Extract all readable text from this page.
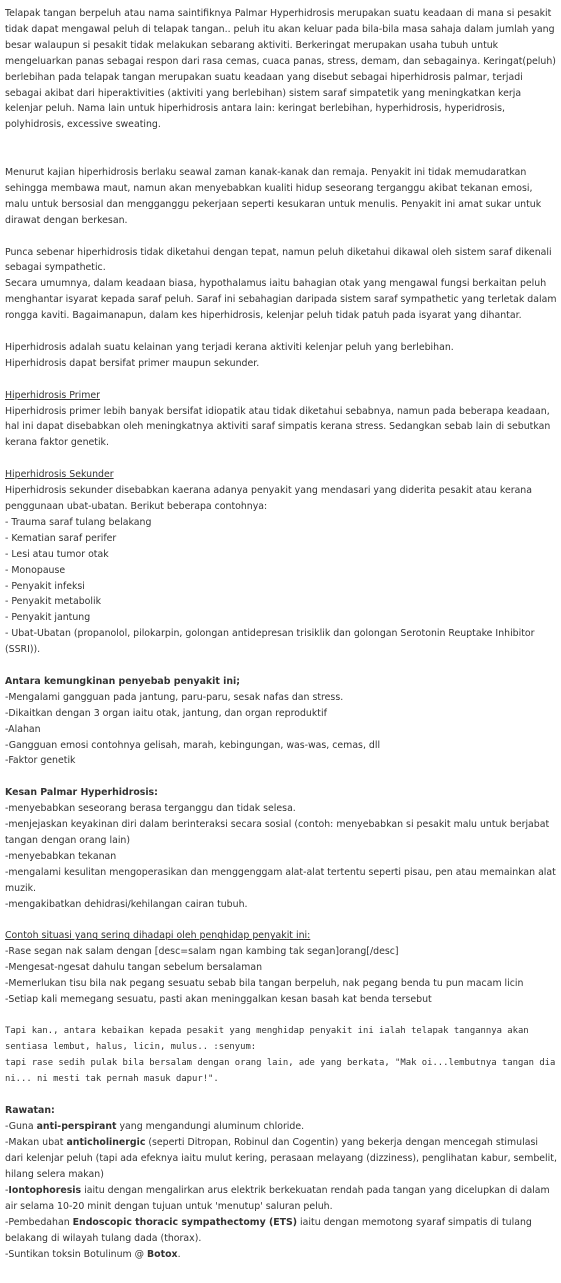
Telapak tangan berpeluh atau nama saintifiknya Palmar Hyperhidrosis merupakan suatu keadaan di mana si pesakit tidak dapat mengawal peluh di telapak tangan.. peluh itu akan keluar pada bila-bila masa sahaja dalam jumlah yang besar walaupun si pesakit tidak melakukan sebarang aktiviti. Berkeringat merupakan usaha tubuh untuk mengeluarkan panas sebagai respon dari rasa cemas, cuaca panas, stress, demam, dan sebagainya. Keringat(peluh) berlebihan pada telapak tangan merupakan suatu keadaan yang disebut sebagai hiperhidrosis palmar, terjadi sebagai akibat dari hiperaktivities (aktiviti yang berlebihan) sistem saraf simpatetik yang meningkatkan kerja kelenjar peluh. Nama lain untuk hiperhidrosis antara lain: keringat berlebihan, hyperhidrosis, hyperidrosis, polyhidrosis, excessive sweating.

Menurut kajian hiperhidrosis berlaku seawal zaman kanak-kanak dan remaja. Penyakit ini tidak memudaratkan sehingga membawa maut, namun akan menyebabkan kualiti hidup seseorang terganggu akibat tekanan emosi, malu untuk bersosial dan mengganggu pekerjaan seperti kesukaran untuk menulis. Penyakit ini amat sukar untuk dirawat dengan berkesan.

Punca sebenar hiperhidrosis tidak diketahui dengan tepat, namun peluh diketahui dikawal oleh sistem saraf dikenali sebagai sympathetic.

Secara umumnya, dalam keadaan biasa, hypothalamus iaitu bahagian otak yang mengawal fungsi berkaitan peluh menghantar isyarat kepada saraf peluh. Saraf ini sebahagian daripada sistem saraf sympathetic yang terletak dalam rongga kaviti. Bagaimanapun, dalam kes hiperhidrosis, kelenjar peluh tidak patuh pada isyarat yang dihantar.

Hiperhidrosis adalah suatu kelainan yang terjadi kerana aktiviti kelenjar peluh yang berlebihan.

Hiperhidrosis dapat bersifat primer maupun sekunder.

Hiperhidrosis Primer

Hiperhidrosis primer lebih banyak bersifat idiopatik atau tidak diketahui sebabnya, namun pada beberapa keadaan, hal ini dapat disebabkan oleh meningkatnya aktiviti saraf simpatis kerana stress. Sedangkan sebab lain di sebutkan kerana faktor genetik.

Hiperhidrosis Sekunder

Hiperhidrosis sekunder disebabkan kaerana adanya penyakit yang mendasari yang diderita pesakit atau kerana penggunaan ubat-ubatan. Berikut beberapa contohnya:

- Trauma saraf tulang belakang

- Kematian saraf perifer

- Lesi atau tumor otak

- Monopause

- Penyakit infeksi

- Penyakit metabolik

- Penyakit jantung

- Ubat-Ubatan (propanolol, pilokarpin, golongan antidepresan trisiklik dan golongan Serotonin Reuptake Inhibitor (SSRI)).

Antara kemungkinan penyebab penyakit ini;

-Mengalami gangguan pada jantung, paru-paru, sesak nafas dan stress.

-Dikaitkan dengan 3 organ iaitu otak, jantung, dan organ reproduktif

-Alahan

-Gangguan emosi contohnya gelisah, marah, kebingungan, was-was, cemas, dll

-Faktor genetik

Kesan Palmar Hyperhidrosis:

-menyebabkan seseorang berasa terganggu dan tidak selesa.

-menjejaskan keyakinan diri dalam berinteraksi secara sosial (contoh: menyebabkan si pesakit malu untuk berjabat tangan dengan orang lain)

-menyebabkan tekanan

-mengalami kesulitan mengoperasikan dan menggenggam alat-alat tertentu seperti pisau, pen atau memainkan alat muzik.

-mengakibatkan dehidrasi/kehilangan cairan tubuh.

Contoh situasi yang sering dihadapi oleh penghidap penyakit ini:

-Rase segan nak salam dengan [desc=salam ngan kambing tak segan]orang[/desc]

-Mengesat-ngesat dahulu tangan sebelum bersalaman

-Memerlukan tisu bila nak pegang sesuatu sebab bila tangan berpeluh, nak pegang benda tu pun macam licin

-Setiap kali memegang sesuatu, pasti akan meninggalkan kesan basah kat benda tersebut

Tapi kan., antara kebaikan kepada pesakit yang menghidap penyakit ini ialah telapak tangannya akan sentiasa lembut, halus, licin, mulus.. :senyum:

tapi rase sedih pulak bila bersalam dengan orang lain, ade yang berkata, "Mak oi...lembutnya tangan dia ni... ni mesti tak pernah masuk dapur!".

Rawatan:

-Guna anti-perspirant yang mengandungi aluminum chloride.

-Makan ubat anticholinergic (seperti Ditropan, Robinul dan Cogentin) yang bekerja dengan mencegah stimulasi dari kelenjar peluh (tapi ada efeknya iaitu mulut kering, perasaan melayang (dizziness), penglihatan kabur, sembelit, hilang selera makan)

-Iontophoresis iaitu dengan mengalirkan arus elektrik berkekuatan rendah pada tangan yang dicelupkan di dalam air selama 10-20 minit dengan tujuan untuk 'menutup' saluran peluh.

-Pembedahan Endoscopic thoracic sympathectomy (ETS) iaitu dengan memotong syaraf simpatis di tulang belakang di wilayah tulang dada (thorax).

-Suntikan toksin Botulinum @ Botox.
